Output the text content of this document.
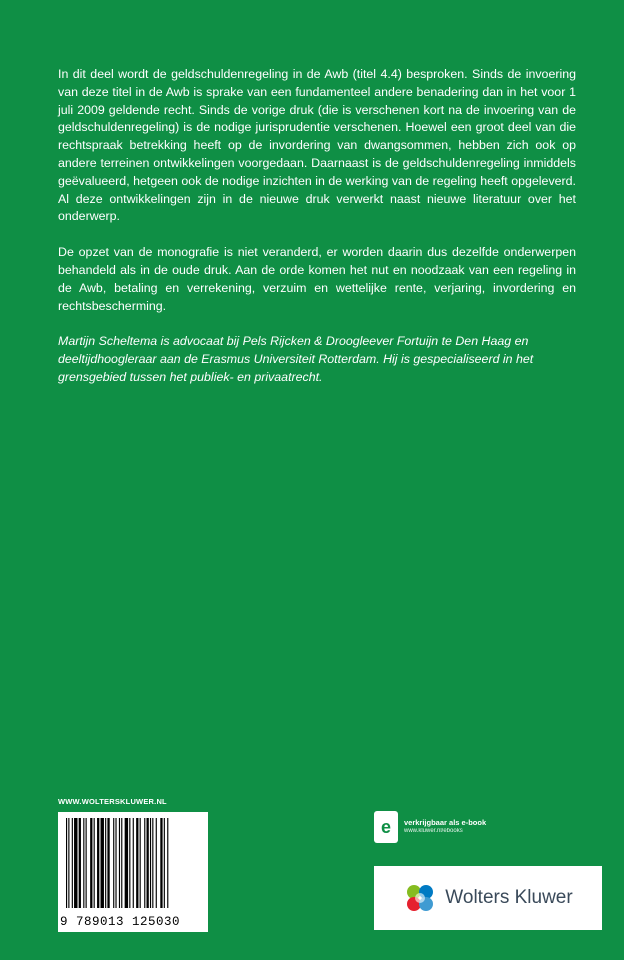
In dit deel wordt de geldschuldenregeling in de Awb (titel 4.4) besproken. Sinds de invoering van deze titel in de Awb is sprake van een fundamenteel andere benadering dan in het voor 1 juli 2009 geldende recht. Sinds de vorige druk (die is verschenen kort na de invoering van de geldschuldenregeling) is de nodige jurisprudentie verschenen. Hoewel een groot deel van die rechtspraak betrekking heeft op de invordering van dwangsommen, hebben zich ook op andere terreinen ontwikkelingen voorgedaan. Daarnaast is de geldschuldenregeling inmiddels geëvalueerd, hetgeen ook de nodige inzichten in de werking van de regeling heeft opgeleverd. Al deze ontwikkelingen zijn in de nieuwe druk verwerkt naast nieuwe literatuur over het onderwerp.

De opzet van de monografie is niet veranderd, er worden daarin dus dezelfde onderwerpen behandeld als in de oude druk. Aan de orde komen het nut en noodzaak van een regeling in de Awb, betaling en verrekening, verzuim en wettelijke rente, verjaring, invordering en rechtsbescherming.

Martijn Scheltema is advocaat bij Pels Rijcken & Droogleever Fortuijn te Den Haag en deeltijdhoogleraar aan de Erasmus Universiteit Rotterdam. Hij is gespecialiseerd in het grensgebied tussen het publiek- en privaatrecht.

WWW.WOLTERSKLUWER.NL
9 789013 125030
e	verkrijgbaar als e-book
www.kluwer.nl/ebooks
Wolters Kluwer
